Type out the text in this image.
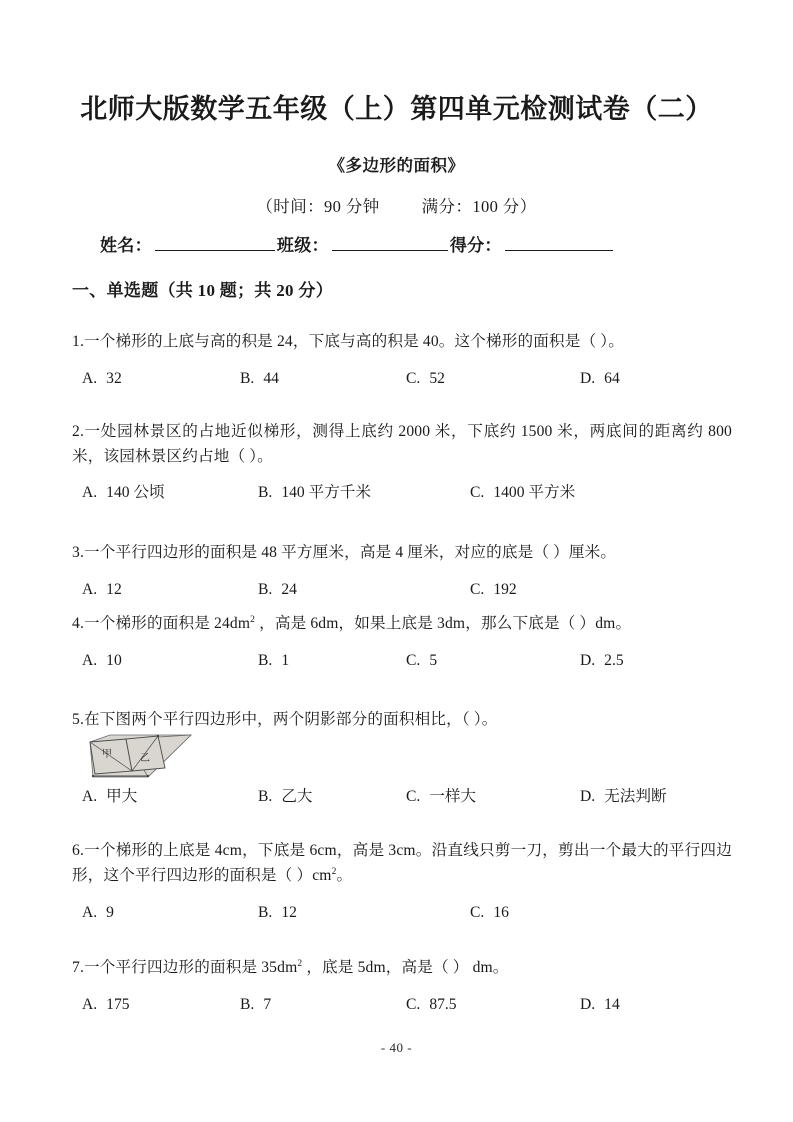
北师大版数学五年级（上）第四单元检测试卷（二）
《多边形的面积》
（时间：90 分钟	满分：100 分）
姓名：	班级：	得分：
一、单选题（共 10 题；共 20 分）
1.一个梯形的上底与高的积是 24，下底与高的积是 40。这个梯形的面积是（ ）。
A. 32	B. 44	C. 52	D. 64
2.一处园林景区的占地近似梯形，测得上底约 2000 米，下底约 1500 米，两底间的距离约 800 米，该园林景区约占地（ ）。
A. 140 公顷	B. 140 平方千米	C. 1400 平方米
3.一个平行四边形的面积是 48 平方厘米，高是 4 厘米，对应的底是（ ）厘米。
A. 12	B. 24	C. 192
4.一个梯形的面积是 $24dm^2$ ，高是 6dm，如果上底是 3dm，那么下底是（ ）dm。
A. 10	B. 1	C. 5	D. 2.5
5.在下图两个平行四边形中，两个阴影部分的面积相比，（ ）。
甲	乙
A. 甲大	B. 乙大	C. 一样大	D. 无法判断
6.一个梯形的上底是 4cm，下底是 6cm，高是 3cm。沿直线只剪一刀，剪出一个最大的平行四边形，这个平行四边形的面积是（ ）$cm^2$。
A. 9	B. 12	C. 16
7.一个平行四边形的面积是 $35dm^2$ ，底是 5dm，高是（ ） dm。
A. 175	B. 7	C. 87.5	D. 14
- 40 -
